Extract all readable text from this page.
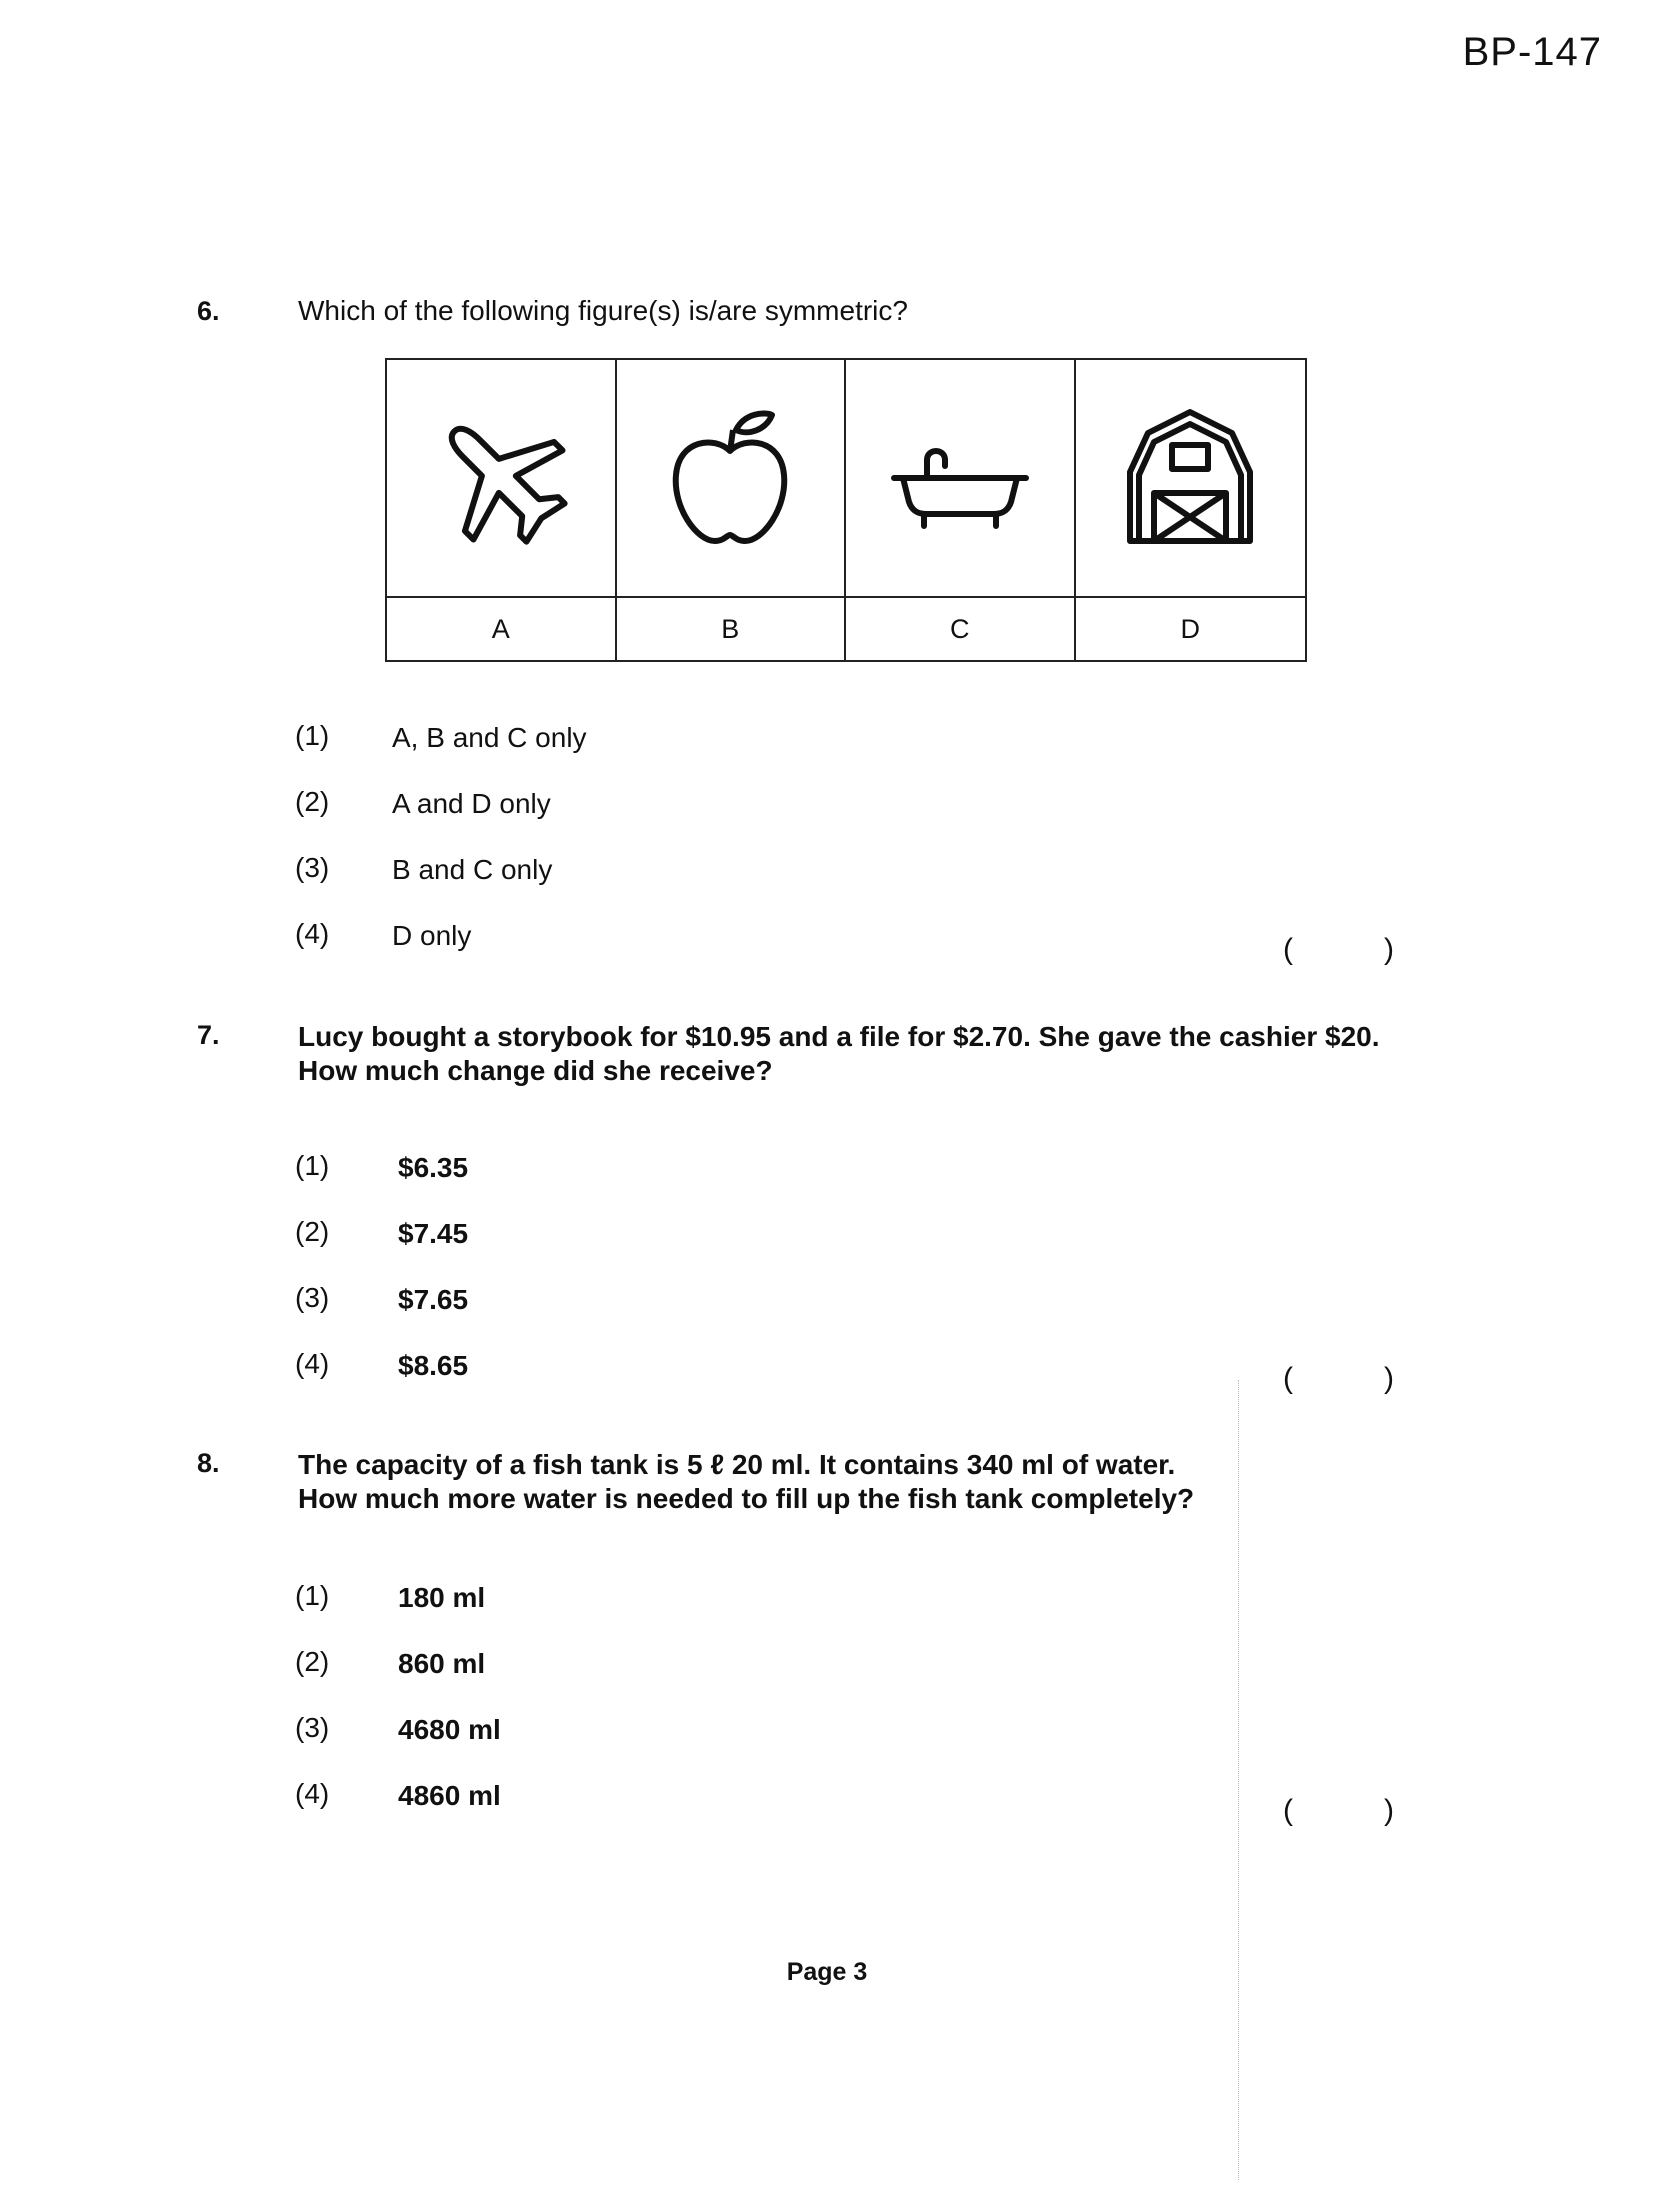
BP-147
6.	Which of the following figure(s) is/are symmetric?
A	B	C	D
(1) A, B and C only
(2) A and D only
(3) B and C only
(4) D only	(	)
7.	Lucy bought a storybook for $10.95 and a file for $2.70. She gave the cashier $20.
How much change did she receive?
(1) $6.35
(2) $7.45
(3) $7.65
(4) $8.65	(	)
8.	The capacity of a fish tank is 5 ℓ 20 ml. It contains 340 ml of water.
How much more water is needed to fill up the fish tank completely?
(1) 180 ml
(2) 860 ml
(3) 4680 ml
(4) 4860 ml	(	)
Page 3
